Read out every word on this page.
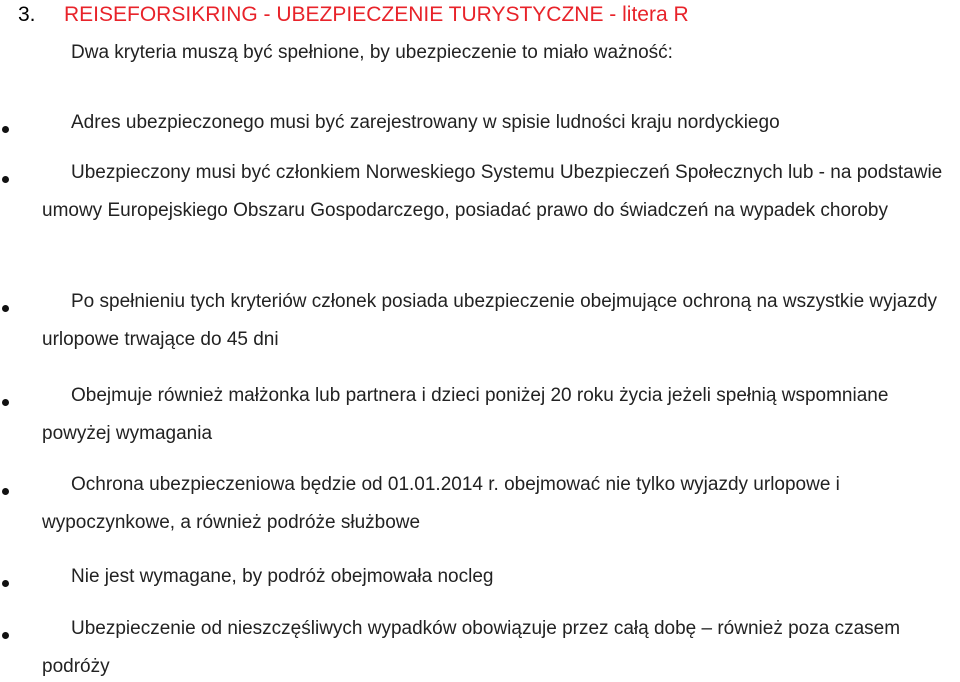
3. REISEFORSIKRING - UBEZPIECZENIE TURYSTYCZNE - litera R
Dwa kryteria muszą być spełnione, by ubezpieczenie to miało ważność:
Adres ubezpieczonego musi być zarejestrowany w spisie ludności kraju nordyckiego
Ubezpieczony musi być członkiem Norweskiego Systemu Ubezpieczeń Społecznych lub - na podstawie umowy Europejskiego Obszaru Gospodarczego, posiadać prawo do świadczeń na wypadek choroby
Po spełnieniu tych kryteriów członek posiada ubezpieczenie obejmujące ochroną na wszystkie wyjazdy urlopowe trwające do 45 dni
Obejmuje również małżonka lub partnera i dzieci poniżej 20 roku życia jeżeli spełnią wspomniane powyżej wymagania
Ochrona ubezpieczeniowa będzie od 01.01.2014 r. obejmować nie tylko wyjazdy urlopowe i wypoczynkowe, a również podróże służbowe
Nie jest wymagane, by podróż obejmowała nocleg
Ubezpieczenie od nieszczęśliwych wypadków obowiązuje przez całą dobę – również poza czasem podróży
